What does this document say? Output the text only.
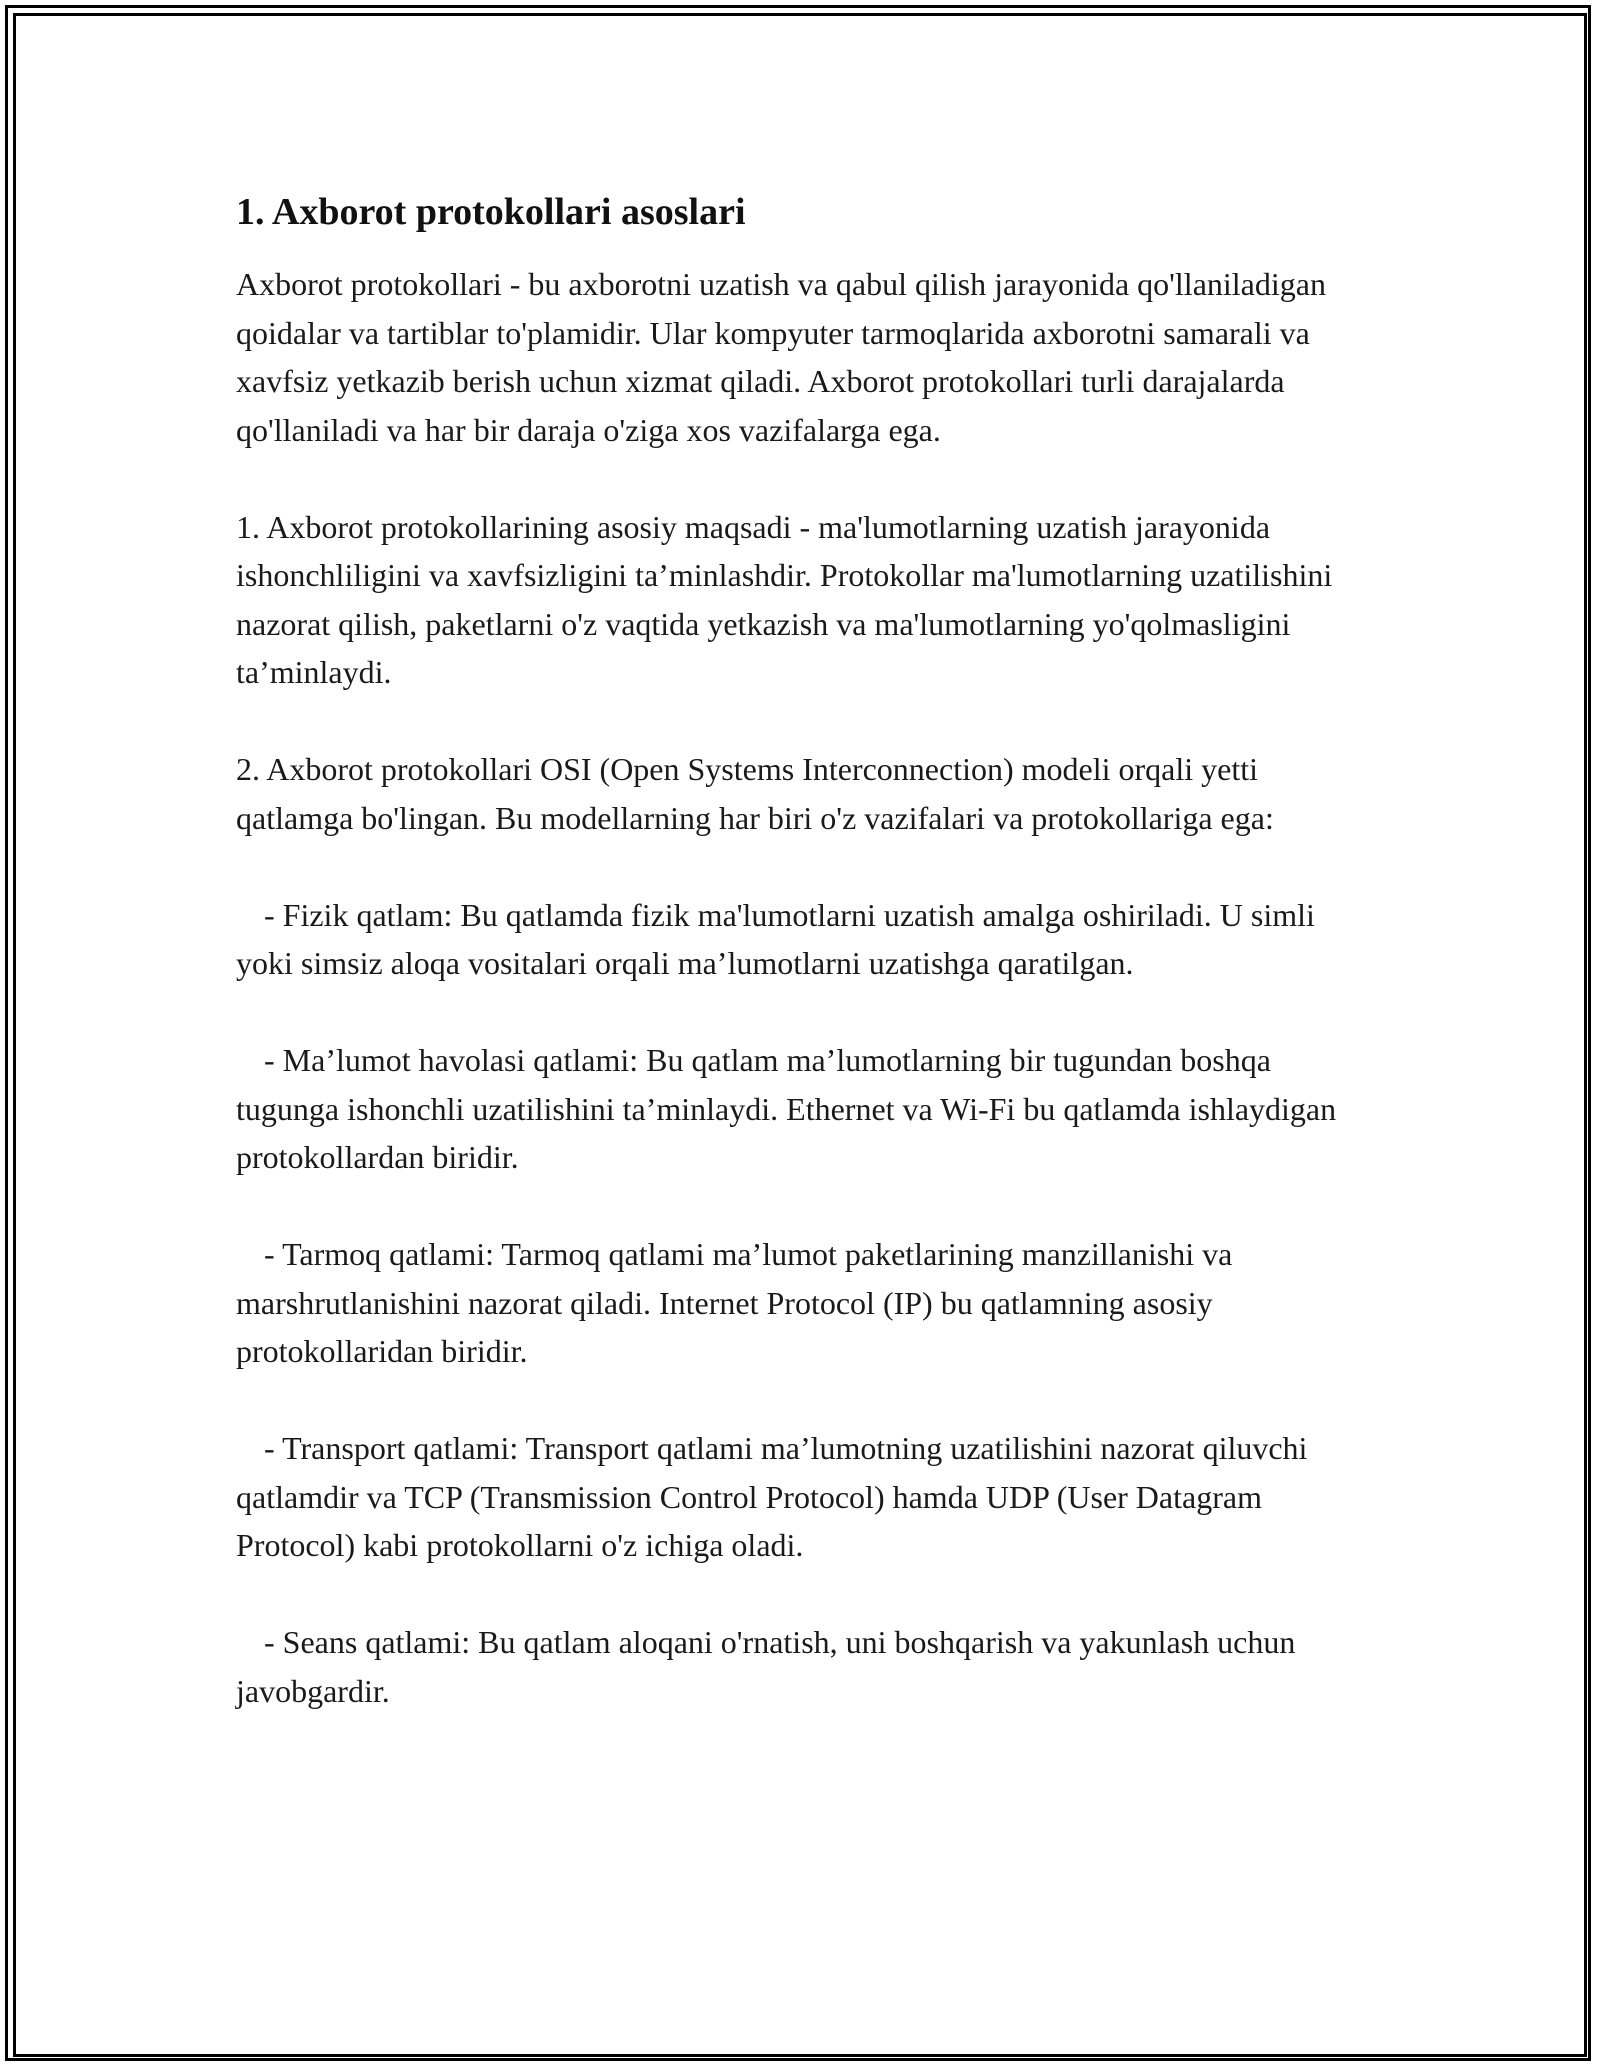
1. Axborot protokollari asoslari

Axborot protokollari - bu axborotni uzatish va qabul qilish jarayonida qo'llaniladigan qoidalar va tartiblar to'plamidir. Ular kompyuter tarmoqlarida axborotni samarali va xavfsiz yetkazib berish uchun xizmat qiladi. Axborot protokollari turli darajalarda qo'llaniladi va har bir daraja o'ziga xos vazifalarga ega.

1. Axborot protokollarining asosiy maqsadi - ma'lumotlarning uzatish jarayonida ishonchliligini va xavfsizligini ta’minlashdir. Protokollar ma'lumotlarning uzatilishini nazorat qilish, paketlarni o'z vaqtida yetkazish va ma'lumotlarning yo'qolmasligini ta’minlaydi.

2. Axborot protokollari OSI (Open Systems Interconnection) modeli orqali yetti qatlamga bo'lingan. Bu modellarning har biri o'z vazifalari va protokollariga ega:

- Fizik qatlam: Bu qatlamda fizik ma'lumotlarni uzatish amalga oshiriladi. U simli yoki simsiz aloqa vositalari orqali ma’lumotlarni uzatishga qaratilgan.

- Ma’lumot havolasi qatlami: Bu qatlam ma’lumotlarning bir tugundan boshqa tugunga ishonchli uzatilishini ta’minlaydi. Ethernet va Wi-Fi bu qatlamda ishlaydigan protokollardan biridir.

- Tarmoq qatlami: Tarmoq qatlami ma’lumot paketlarining manzillanishi va marshrutlanishini nazorat qiladi. Internet Protocol (IP) bu qatlamning asosiy protokollaridan biridir.

- Transport qatlami: Transport qatlami ma’lumotning uzatilishini nazorat qiluvchi qatlamdir va TCP (Transmission Control Protocol) hamda UDP (User Datagram Protocol) kabi protokollarni o'z ichiga oladi.

- Seans qatlami: Bu qatlam aloqani o'rnatish, uni boshqarish va yakunlash uchun javobgardir.
